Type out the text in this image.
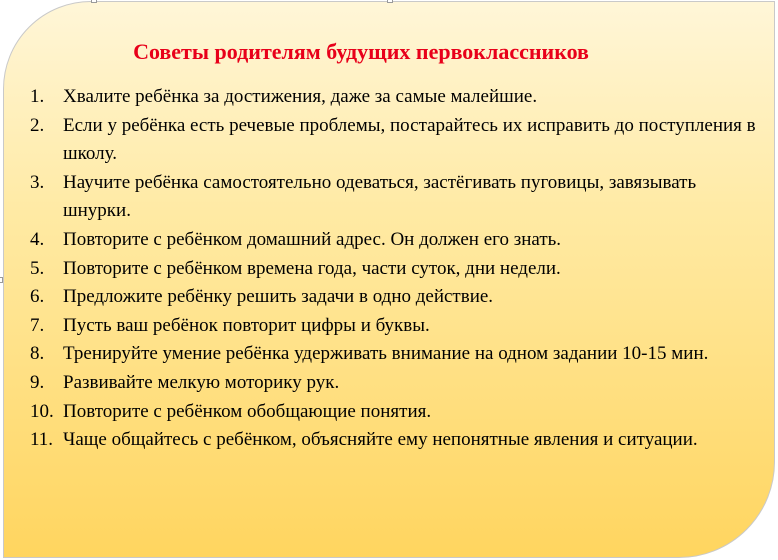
Советы родителям будущих первоклассников
1. Хвалите ребёнка за достижения, даже за самые малейшие.
2. Если у ребёнка есть речевые проблемы, постарайтесь их исправить до поступления в школу.
3. Научите ребёнка самостоятельно одеваться, застёгивать пуговицы, завязывать шнурки.
4. Повторите с ребёнком домашний адрес. Он должен его знать.
5. Повторите с ребёнком времена года, части суток, дни недели.
6. Предложите ребёнку решить задачи в одно действие.
7. Пусть ваш ребёнок повторит цифры и буквы.
8. Тренируйте умение ребёнка удерживать внимание на одном задании 10-15 мин.
9. Развивайте мелкую моторику рук.
10. Повторите с ребёнком обобщающие понятия.
11. Чаще общайтесь с ребёнком, объясняйте ему непонятные явления и ситуации.
